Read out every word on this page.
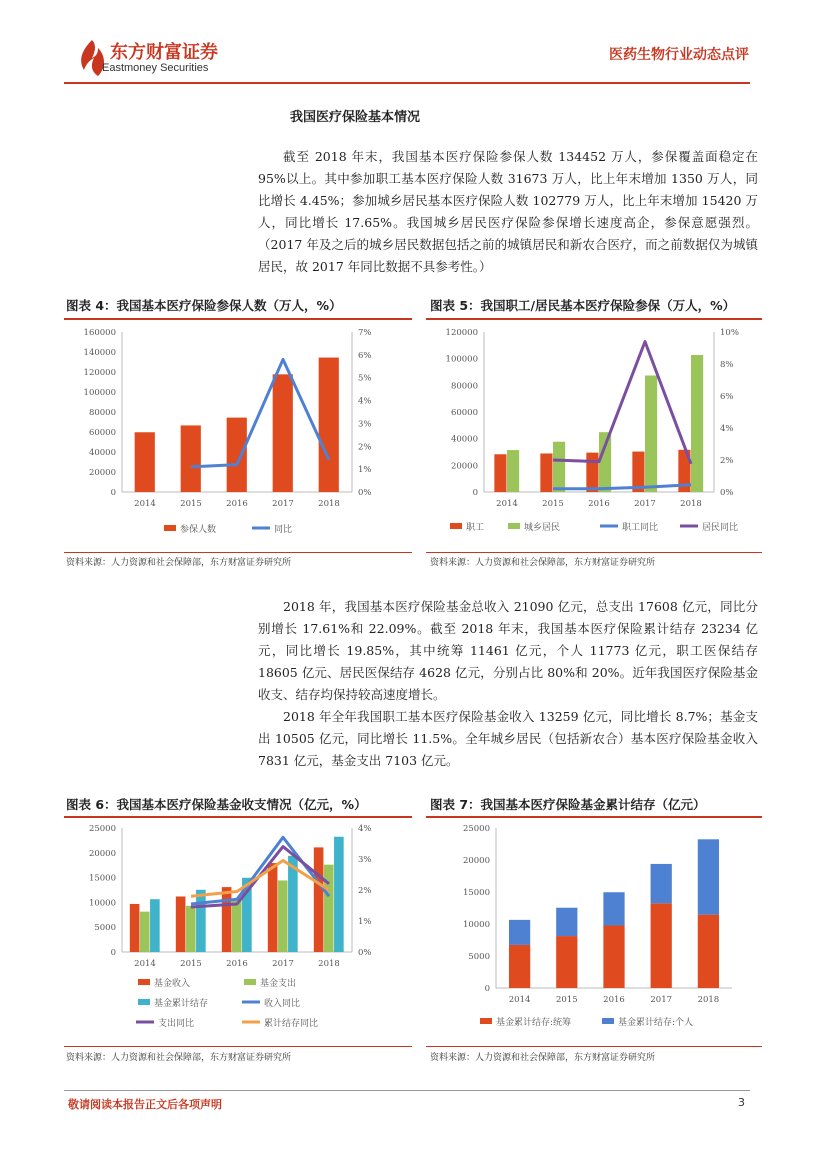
东方财富证券
Eastmoney Securities
医药生物行业动态点评
我国医疗保险基本情况

截至 2018 年末，我国基本医疗保险参保人数 134452 万人，参保覆盖面稳定在 95%以上。其中参加职工基本医疗保险人数 31673 万人，比上年末增加 1350 万人，同比增长 4.45%；参加城乡居民基本医疗保险人数 102779 万人，比上年末增加 15420 万人，同比增长 17.65%。我国城乡居民医疗保险参保增长速度高企，参保意愿强烈。（2017 年及之后的城乡居民数据包括之前的城镇居民和新农合医疗，而之前数据仅为城镇居民，故 2017 年同比数据不具参考性。）

图表 4：我国基本医疗保险参保人数（万人，%）
0
20000
40000
60000
80000
100000
120000
140000
160000
0%
1%
2%
3%
4%
5%
6%
7%
2014	2015	2016	2017	2018
参保人数	同比
资料来源：人力资源和社会保障部，东方财富证券研究所
图表 5：我国职工/居民基本医疗保险参保（万人，%）
0
20000
40000
60000
80000
100000
120000
0%
2%
4%
6%
8%
10%
2014	2015	2016	2017	2018
职工	城乡居民	职工同比	居民同比
资料来源：人力资源和社会保障部，东方财富证券研究所

2018 年，我国基本医疗保险基金总收入 21090 亿元，总支出 17608 亿元，同比分别增长 17.61%和 22.09%。截至 2018 年末，我国基本医疗保险累计结存 23234 亿元，同比增长 19.85%，其中统筹 11461 亿元，个人 11773 亿元，职工医保结存 18605 亿元、居民医保结存 4628 亿元，分别占比 80%和 20%。近年我国医疗保险基金收支、结存均保持较高速度增长。

2018 年全年我国职工基本医疗保险基金收入 13259 亿元，同比增长 8.7%；基金支出 10505 亿元，同比增长 11.5%。全年城乡居民（包括新农合）基本医疗保险基金收入 7831 亿元，基金支出 7103 亿元。

图表 6：我国基本医疗保险基金收支情况（亿元，%）
0
5000
10000
15000
20000
25000
0%
1%
2%
3%
4%
2014	2015	2016	2017	2018
基金收入	基金支出
基金累计结存	收入同比
支出同比	累计结存同比
资料来源：人力资源和社会保障部，东方财富证券研究所
图表 7：我国基本医疗保险基金累计结存（亿元）
0
5000
10000
15000
20000
25000
2014	2015	2016	2017	2018
基金累计结存:统筹	基金累计结存:个人
资料来源：人力资源和社会保障部，东方财富证券研究所
敬请阅读本报告正文后各项声明	3
